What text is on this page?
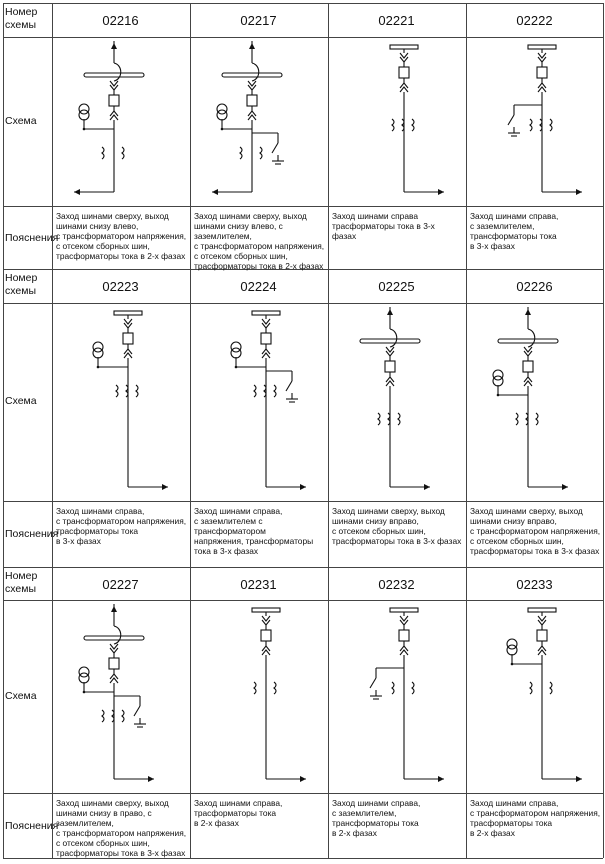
Номер
схемы
Схема
Пояснения
02216
Заход шинами сверху, выход
шинами снизу влево,
с трансформатором напряжения,
с отсеком сборных шин,
трасформаторы тока в 2-х фазах
02217
Заход шинами сверху, выход
шинами снизу влево, с заземлителем,
с трансформатором напряжения,
с отсеком сборных шин,
трасформаторы тока в 2-х фазах
02221
Заход шинами справа
трасформаторы тока в 3-х
фазах
02222
Заход шинами справа,
с заземлителем,
трансформаторы тока
в 3-х фазах
Номер
схемы
Схема
Пояснения
02223
Заход шинами справа,
с трансформатором напряжения,
трасформаторы тока
в 3-х фазах
02224
Заход шинами справа,
с заземлителем с трансформатором
напряжения, трансформаторы
тока в 3-х фазах
02225
Заход шинами сверху, выход
шинами снизу вправо,
с отсеком сборных шин,
трасформаторы тока в 3-х фазах
02226
Заход шинами сверху, выход
шинами снизу вправо,
с трансформатором напряжения,
с отсеком сборных шин,
трасформаторы тока в 3-х фазах
Номер
схемы
Схема
Пояснения
02227
Заход шинами сверху, выход
шинами снизу в право, с заземлителем,
с трансформатором напряжения,
с отсеком сборных шин,
трасформаторы тока в 3-х фазах
02231
Заход шинами справа,
трасформаторы тока
в 2-х фазах
02232
Заход шинами справа,
с заземлителем,
трансформаторы тока
в 2-х фазах
02233
Заход шинами справа,
с трансформатором напряжения,
трасформаторы тока
в 2-х фазах
